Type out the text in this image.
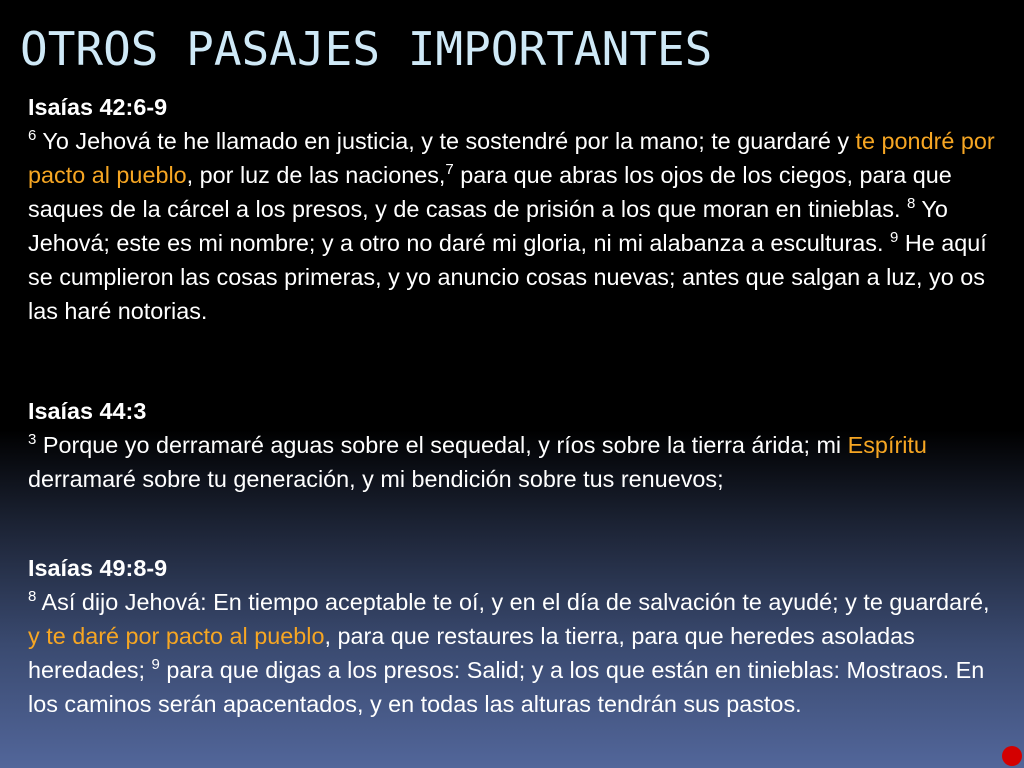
OTROS PASAJES IMPORTANTES
Isaías 42:6-9
$^6$ Yo Jehová te he llamado en justicia, y te sostendré por la mano; te guardaré y te pondré por pacto al pueblo, por luz de las naciones,$^7$ para que abras los ojos de los ciegos, para que saques de la cárcel a los presos, y de casas de prisión a los que moran en tinieblas. $^8$ Yo Jehová; este es mi nombre; y a otro no daré mi gloria, ni mi alabanza a esculturas. $^9$ He aquí se cumplieron las cosas primeras, y yo anuncio cosas nuevas; antes que salgan a luz, yo os las haré notorias.
Isaías 44:3
$^3$ Porque yo derramaré aguas sobre el sequedal, y ríos sobre la tierra árida; mi Espíritu derramaré sobre tu generación, y mi bendición sobre tus renuevos;
Isaías 49:8-9
$^8$ Así dijo Jehová: En tiempo aceptable te oí, y en el día de salvación te ayudé; y te guardaré, y te daré por pacto al pueblo, para que restaures la tierra, para que heredes asoladas heredades; $^9$ para que digas a los presos: Salid; y a los que están en tinieblas: Mostraos. En los caminos serán apacentados, y en todas las alturas tendrán sus pastos.
